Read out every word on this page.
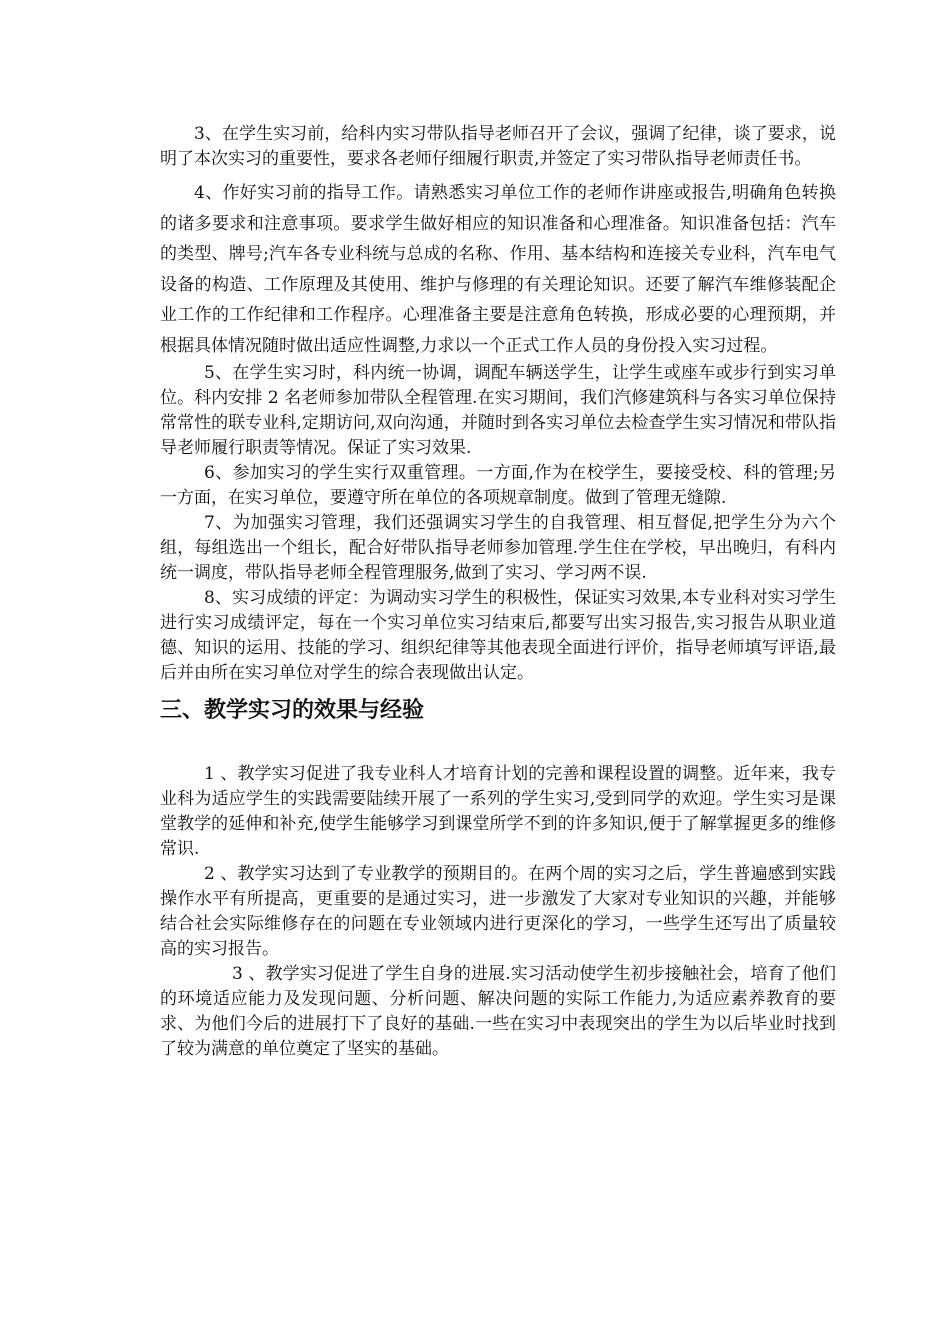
3、在学生实习前，给科内实习带队指导老师召开了会议，强调了纪律，谈了要求，说明了本次实习的重要性，要求各老师仔细履行职责,并签定了实习带队指导老师责任书。

4、作好实习前的指导工作。请熟悉实习单位工作的老师作讲座或报告,明确角色转换的诸多要求和注意事项。要求学生做好相应的知识准备和心理准备。知识准备包括：汽车的类型、牌号;汽车各专业科统与总成的名称、作用、基本结构和连接关专业科，汽车电气设备的构造、工作原理及其使用、维护与修理的有关理论知识。还要了解汽车维修装配企业工作的工作纪律和工作程序。心理准备主要是注意角色转换，形成必要的心理预期，并根据具体情况随时做出适应性调整,力求以一个正式工作人员的身份投入实习过程。

5、在学生实习时，科内统一协调，调配车辆送学生，让学生或座车或步行到实习单位。科内安排 2 名老师参加带队全程管理.在实习期间，我们汽修建筑科与各实习单位保持常常性的联专业科,定期访问,双向沟通，并随时到各实习单位去检查学生实习情况和带队指导老师履行职责等情况。保证了实习效果.

6、参加实习的学生实行双重管理。一方面,作为在校学生，要接受校、科的管理;另一方面，在实习单位，要遵守所在单位的各项规章制度。做到了管理无缝隙.

7、为加强实习管理，我们还强调实习学生的自我管理、相互督促,把学生分为六个组，每组选出一个组长，配合好带队指导老师参加管理.学生住在学校，早出晚归，有科内统一调度，带队指导老师全程管理服务,做到了实习、学习两不误.

8、实习成绩的评定：为调动实习学生的积极性，保证实习效果,本专业科对实习学生进行实习成绩评定，每在一个实习单位实习结束后,都要写出实习报告,实习报告从职业道德、知识的运用、技能的学习、组织纪律等其他表现全面进行评价，指导老师填写评语,最后并由所在实习单位对学生的综合表现做出认定。

三、教学实习的效果与经验

1 、教学实习促进了我专业科人才培育计划的完善和课程设置的调整。近年来，我专业科为适应学生的实践需要陆续开展了一系列的学生实习,受到同学的欢迎。学生实习是课堂教学的延伸和补充,使学生能够学习到课堂所学不到的许多知识,便于了解掌握更多的维修常识.

2 、教学实习达到了专业教学的预期目的。在两个周的实习之后，学生普遍感到实践操作水平有所提高，更重要的是通过实习，进一步激发了大家对专业知识的兴趣，并能够结合社会实际维修存在的问题在专业领域内进行更深化的学习，一些学生还写出了质量较高的实习报告。

3 、教学实习促进了学生自身的进展.实习活动使学生初步接触社会，培育了他们的环境适应能力及发现问题、分析问题、解决问题的实际工作能力,为适应素养教育的要求、为他们今后的进展打下了良好的基础.一些在实习中表现突出的学生为以后毕业时找到了较为满意的单位奠定了坚实的基础。
